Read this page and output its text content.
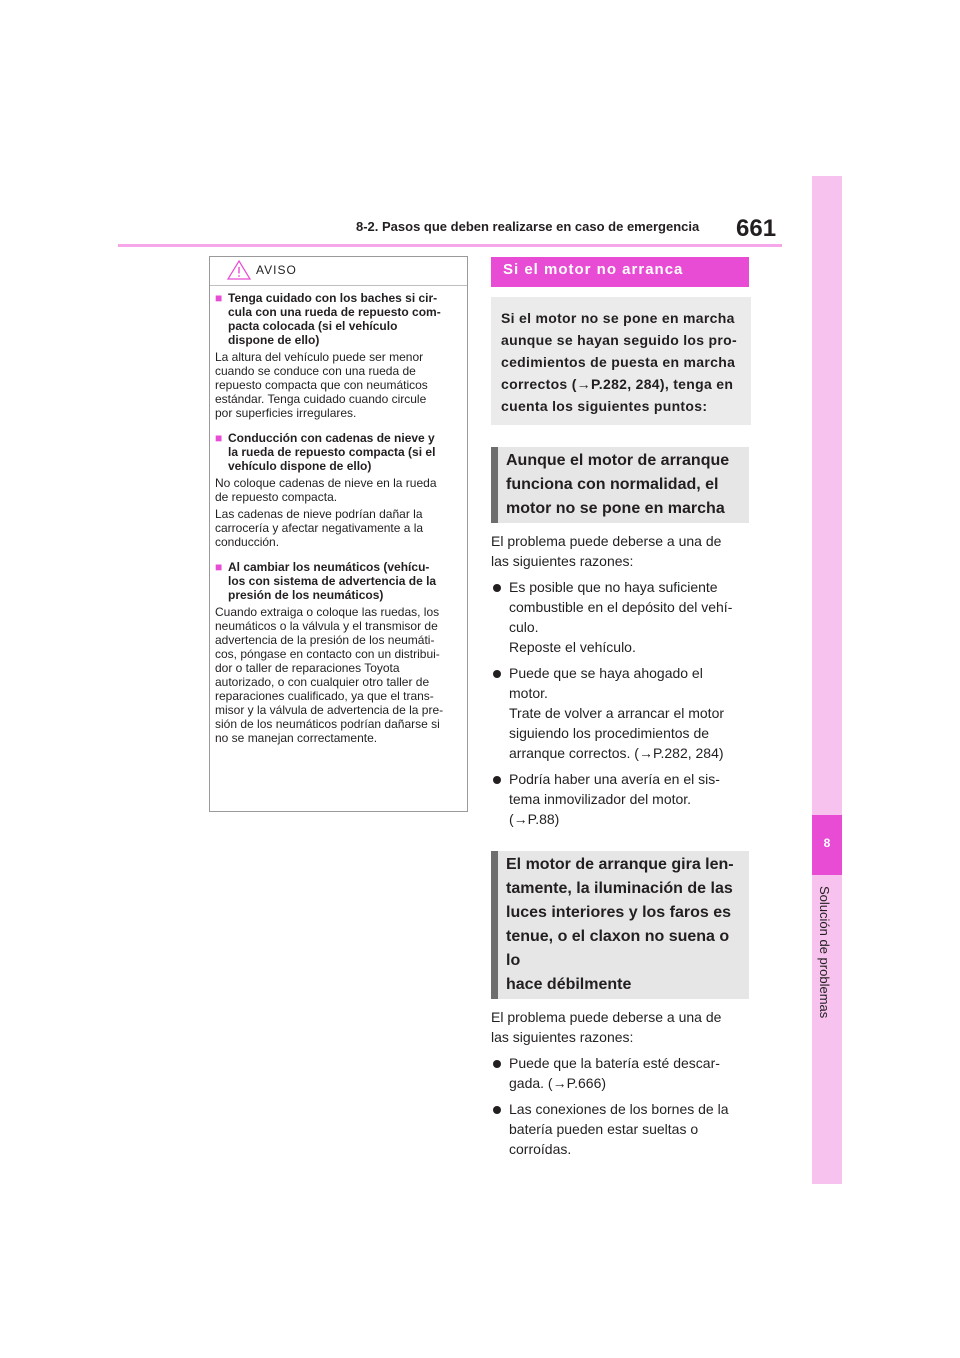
8
Solución de problemas
8-2. Pasos que deben realizarse en caso de emergencia 661
AVISO
■ Tenga cuidado con los baches si cir-
cula con una rueda de repuesto com-
pacta colocada (si el vehículo
dispone de ello)
La altura del vehículo puede ser menor
cuando se conduce con una rueda de
repuesto compacta que con neumáticos
estándar. Tenga cuidado cuando circule
por superficies irregulares.
■ Conducción con cadenas de nieve y
la rueda de repuesto compacta (si el
vehículo dispone de ello)
No coloque cadenas de nieve en la rueda
de repuesto compacta.
Las cadenas de nieve podrían dañar la
carrocería y afectar negativamente a la
conducción.
■ Al cambiar los neumáticos (vehícu-
los con sistema de advertencia de la
presión de los neumáticos)
Cuando extraiga o coloque las ruedas, los
neumáticos o la válvula y el transmisor de
advertencia de la presión de los neumáti-
cos, póngase en contacto con un distribui-
dor o taller de reparaciones Toyota
autorizado, o con cualquier otro taller de
reparaciones cualificado, ya que el trans-
misor y la válvula de advertencia de la pre-
sión de los neumáticos podrían dañarse si
no se manejan correctamente.
Si el motor no arranca
Si el motor no se pone en marcha
aunque se hayan seguido los pro-
cedimientos de puesta en marcha
correctos (→P.282, 284), tenga en
cuenta los siguientes puntos:
Aunque el motor de arranque
funciona con normalidad, el
motor no se pone en marcha
El problema puede deberse a una de
las siguientes razones:
Es posible que no haya suficiente
combustible en el depósito del vehí-
culo.
Reposte el vehículo.
Puede que se haya ahogado el
motor.
Trate de volver a arrancar el motor
siguiendo los procedimientos de
arranque correctos. (→P.282, 284)
Podría haber una avería en el sis-
tema inmovilizador del motor.
(→P.88)
El motor de arranque gira len-
tamente, la iluminación de las
luces interiores y los faros es
tenue, o el claxon no suena o lo
hace débilmente
El problema puede deberse a una de
las siguientes razones:
Puede que la batería esté descar-
gada. (→P.666)
Las conexiones de los bornes de la
batería pueden estar sueltas o
corroídas.
